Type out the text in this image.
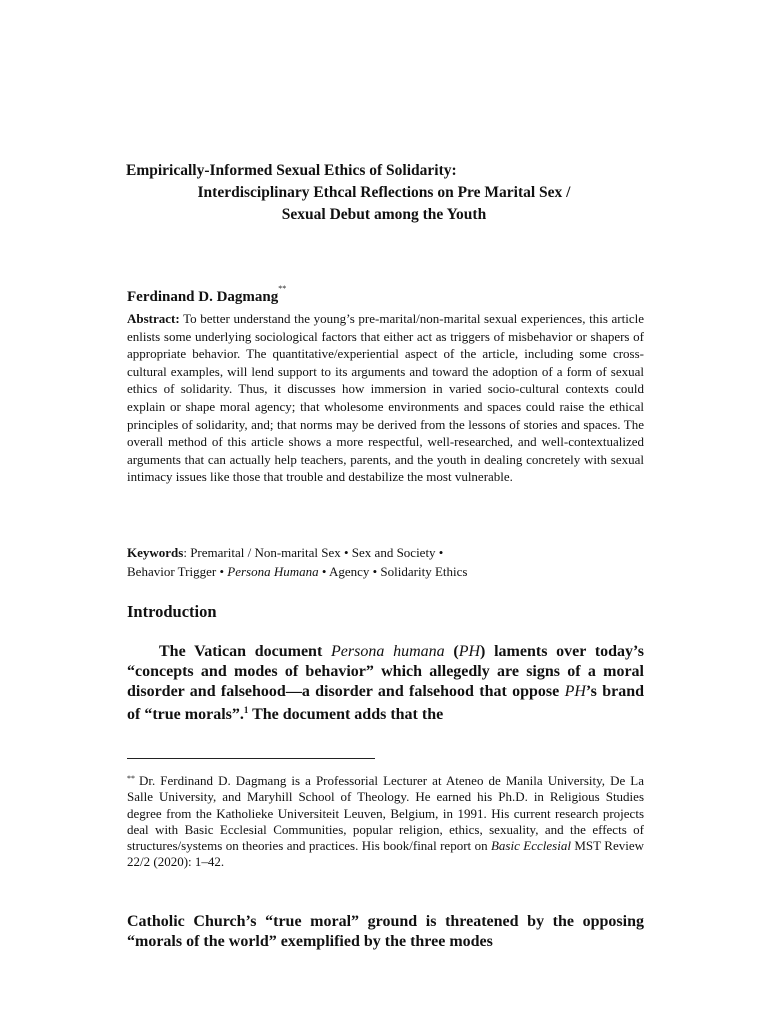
Empirically-Informed Sexual Ethics of Solidarity:
Interdisciplinary Ethcal Reflections on Pre Marital Sex /
Sexual Debut among the Youth
Ferdinand D. Dagmang**
Abstract: To better understand the young’s pre-marital/non-marital sexual experiences, this article enlists some underlying sociological factors that either act as triggers of misbehavior or shapers of appropriate behavior. The quantitative/experiential aspect of the article, including some cross-cultural examples, will lend support to its arguments and toward the adoption of a form of sexual ethics of solidarity. Thus, it discusses how immersion in varied socio-cultural contexts could explain or shape moral agency; that wholesome environments and spaces could raise the ethical principles of solidarity, and; that norms may be derived from the lessons of stories and spaces. The overall method of this article shows a more respectful, well-researched, and well-contextualized arguments that can actually help teachers, parents, and the youth in dealing concretely with sexual intimacy issues like those that trouble and destabilize the most vulnerable.
Keywords: Premarital / Non-marital Sex • Sex and Society •
Behavior Trigger • Persona Humana • Agency • Solidarity Ethics
Introduction
The Vatican document Persona humana (PH) laments over today’s “concepts and modes of behavior” which allegedly are signs of a moral disorder and falsehood—a disorder and falsehood that oppose PH’s brand of “true morals”.$^1$ The document adds that the
** Dr. Ferdinand D. Dagmang is a Professorial Lecturer at Ateneo de Manila University, De La Salle University, and Maryhill School of Theology. He earned his Ph.D. in Religious Studies degree from the Katholieke Universiteit Leuven, Belgium, in 1991. His current research projects deal with Basic Ecclesial Communities, popular religion, ethics, sexuality, and the effects of structures/systems on theories and practices. His book/final report on Basic Ecclesial MST Review 22/2 (2020): 1–42.
Catholic Church’s “true moral” ground is threatened by the opposing “morals of the world” exemplified by the three modes
